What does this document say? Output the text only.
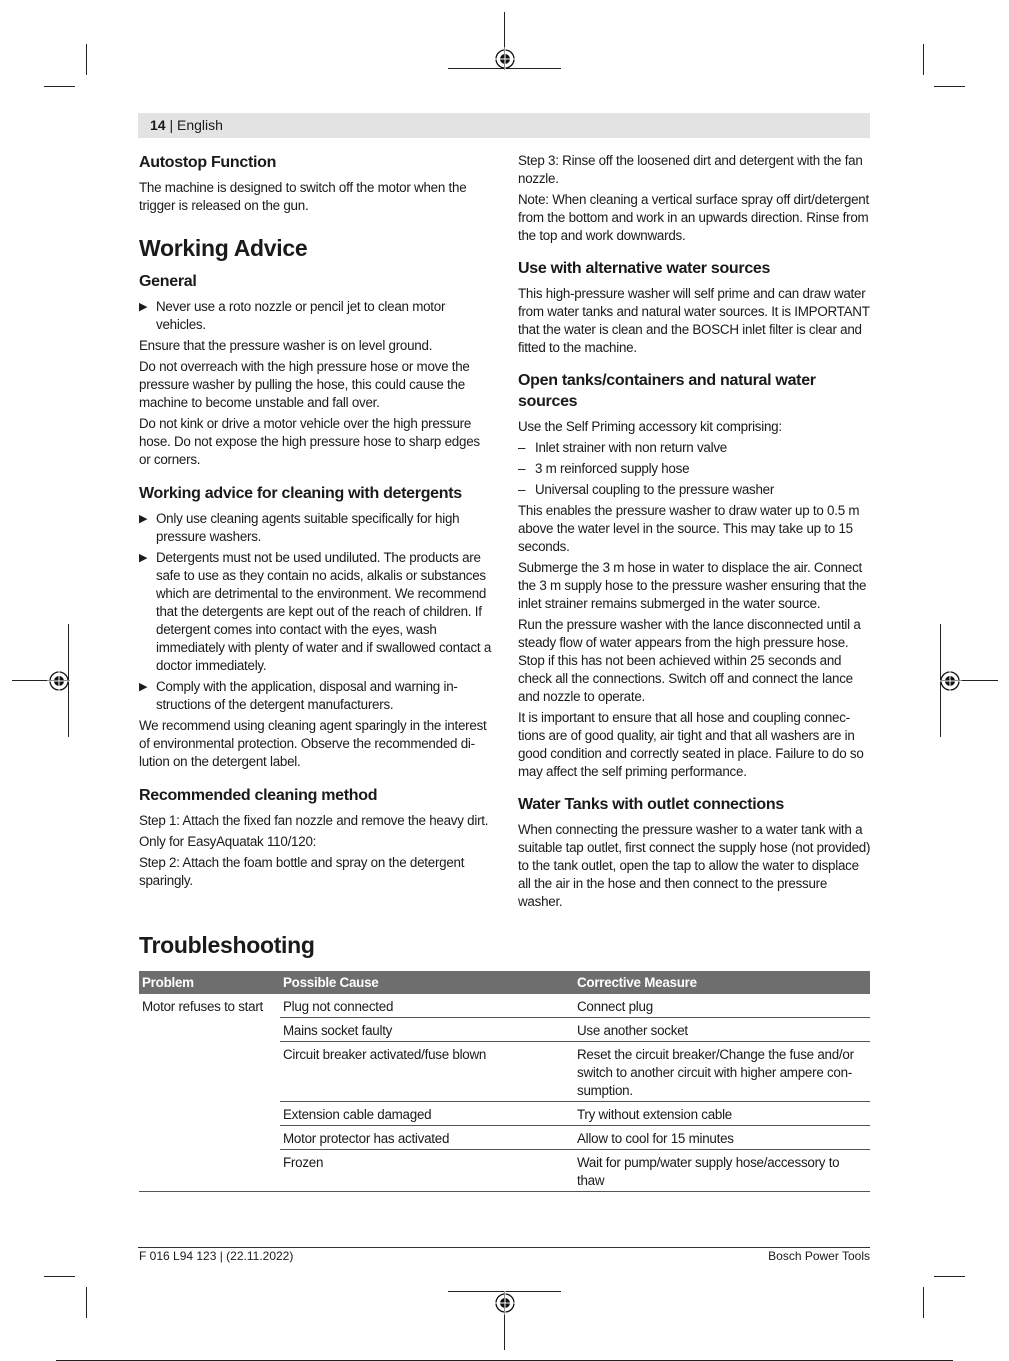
14 | English
Autostop Function

The machine is designed to switch off the motor when the trigger is released on the gun.

Working Advice
General
▶ Never use a roto nozzle or pencil jet to clean motor vehicles.

Ensure that the pressure washer is on level ground.

Do not overreach with the high pressure hose or move the pressure washer by pulling the hose, this could cause the machine to become unstable and fall over.

Do not kink or drive a motor vehicle over the high pressure hose. Do not expose the high pressure hose to sharp edges or corners.

Working advice for cleaning with detergents
▶ Only use cleaning agents suitable specifically for high pressure washers.
▶ Detergents must not be used undiluted. The products are safe to use as they contain no acids, alkalis or substances which are detrimental to the environment. We recommend that the detergents are kept out of the reach of children. If detergent comes into contact with the eyes, wash immediately with plenty of water and if swallowed contact a doctor immediately.
▶ Comply with the application, disposal and warning instructions of the detergent manufacturers.

We recommend using cleaning agent sparingly in the interest of environmental protection. Observe the recommended dilution on the detergent label.

Recommended cleaning method

Step 1: Attach the fixed fan nozzle and remove the heavy dirt.

Only for EasyAquatak 110/120:

Step 2: Attach the foam bottle and spray on the detergent sparingly.

Step 3: Rinse off the loosened dirt and detergent with the fan nozzle.

Note: When cleaning a vertical surface spray off dirt/detergent from the bottom and work in an upwards direction. Rinse from the top and work downwards.

Use with alternative water sources

This high-pressure washer will self prime and can draw water from water tanks and natural water sources. It is IMPORTANT that the water is clean and the BOSCH inlet filter is clear and fitted to the machine.

Open tanks/containers and natural water sources

Use the Self Priming accessory kit comprising:

– Inlet strainer with non return valve
– 3 m reinforced supply hose
– Universal coupling to the pressure washer

This enables the pressure washer to draw water up to 0.5 m above the water level in the source. This may take up to 15 seconds.

Submerge the 3 m hose in water to displace the air. Connect the 3 m supply hose to the pressure washer ensuring that the inlet strainer remains submerged in the water source.

Run the pressure washer with the lance disconnected until a steady flow of water appears from the high pressure hose. Stop if this has not been achieved within 25 seconds and check all the connections. Switch off and connect the lance and nozzle to operate.

It is important to ensure that all hose and coupling connections are of good quality, air tight and that all washers are in good condition and correctly seated in place. Failure to do so may affect the self priming performance.

Water Tanks with outlet connections

When connecting the pressure washer to a water tank with a suitable tap outlet, first connect the supply hose (not provided) to the tank outlet, open the tap to allow the water to displace all the air in the hose and then connect to the pressure washer.

Troubleshooting
Problem	Possible Cause	Corrective Measure
Motor refuses to start	Plug not connected	Connect plug
	Mains socket faulty	Use another socket
	Circuit breaker activated/fuse blown	Reset the circuit breaker/Change the fuse and/or switch to another circuit with higher ampere consumption.
	Extension cable damaged	Try without extension cable
	Motor protector has activated	Allow to cool for 15 minutes
	Frozen	Wait for pump/water supply hose/accessory to thaw
F 016 L94 123 | (22.11.2022)	Bosch Power Tools
